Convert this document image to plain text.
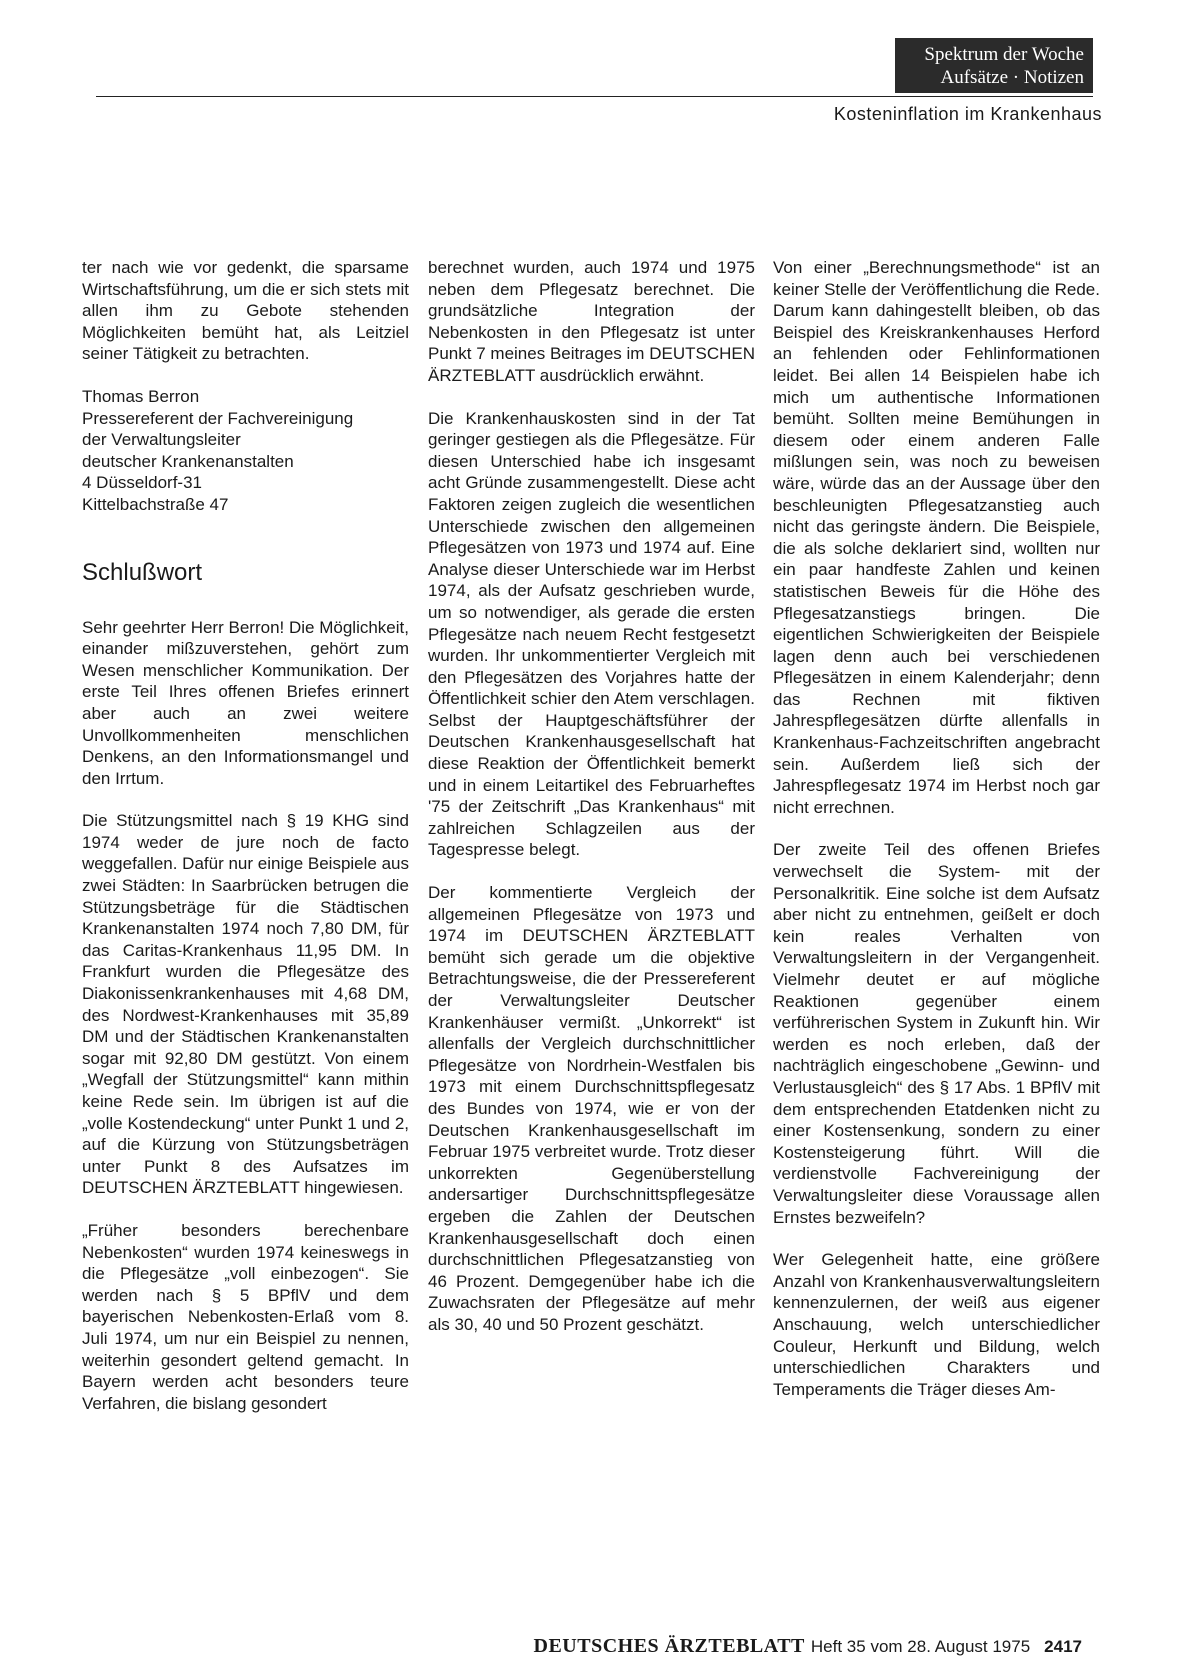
Spektrum der Woche
Aufsätze · Notizen
Kosteninflation im Krankenhaus

ter nach wie vor gedenkt, die sparsame Wirtschaftsführung, um die er sich stets mit allen ihm zu Gebote stehenden Möglichkeiten bemüht hat, als Leitziel seiner Tätigkeit zu betrachten.

Thomas Berron
Pressereferent der Fachvereinigung
der Verwaltungsleiter
deutscher Krankenanstalten
4 Düsseldorf-31
Kittelbachstraße 47
Schlußwort

Sehr geehrter Herr Berron! Die Möglichkeit, einander mißzuverstehen, gehört zum Wesen menschlicher Kommunikation. Der erste Teil Ihres offenen Briefes erinnert aber auch an zwei weitere Unvollkommenheiten menschlichen Denkens, an den Informationsmangel und den Irrtum.

Die Stützungsmittel nach § 19 KHG sind 1974 weder de jure noch de facto weggefallen. Dafür nur einige Beispiele aus zwei Städten: In Saarbrücken betrugen die Stützungsbeträge für die Städtischen Krankenanstalten 1974 noch 7,80 DM, für das Caritas-Krankenhaus 11,95 DM. In Frankfurt wurden die Pflegesätze des Diakonissenkrankenhauses mit 4,68 DM, des Nordwest-Krankenhauses mit 35,89 DM und der Städtischen Krankenanstalten sogar mit 92,80 DM gestützt. Von einem „Wegfall der Stützungsmittel“ kann mithin keine Rede sein. Im übrigen ist auf die „volle Kostendeckung“ unter Punkt 1 und 2, auf die Kürzung von Stützungsbeträgen unter Punkt 8 des Aufsatzes im DEUTSCHEN ÄRZTEBLATT hingewiesen.

„Früher besonders berechenbare Nebenkosten“ wurden 1974 keineswegs in die Pflegesätze „voll einbezogen“. Sie werden nach § 5 BPflV und dem bayerischen Nebenkosten-Erlaß vom 8. Juli 1974, um nur ein Beispiel zu nennen, weiterhin gesondert geltend gemacht. In Bayern werden acht besonders teure Verfahren, die bislang gesondert

berechnet wurden, auch 1974 und 1975 neben dem Pflegesatz berechnet. Die grundsätzliche Integration der Nebenkosten in den Pflegesatz ist unter Punkt 7 meines Beitrages im DEUTSCHEN ÄRZTEBLATT ausdrücklich erwähnt.

Die Krankenhauskosten sind in der Tat geringer gestiegen als die Pflegesätze. Für diesen Unterschied habe ich insgesamt acht Gründe zusammengestellt. Diese acht Faktoren zeigen zugleich die wesentlichen Unterschiede zwischen den allgemeinen Pflegesätzen von 1973 und 1974 auf. Eine Analyse dieser Unterschiede war im Herbst 1974, als der Aufsatz geschrieben wurde, um so notwendiger, als gerade die ersten Pflegesätze nach neuem Recht festgesetzt wurden. Ihr unkommentierter Vergleich mit den Pflegesätzen des Vorjahres hatte der Öffentlichkeit schier den Atem verschlagen. Selbst der Hauptgeschäftsführer der Deutschen Krankenhausgesellschaft hat diese Reaktion der Öffentlichkeit bemerkt und in einem Leitartikel des Februarheftes '75 der Zeitschrift „Das Krankenhaus“ mit zahlreichen Schlagzeilen aus der Tagespresse belegt.

Der kommentierte Vergleich der allgemeinen Pflegesätze von 1973 und 1974 im DEUTSCHEN ÄRZTEBLATT bemüht sich gerade um die objektive Betrachtungsweise, die der Pressereferent der Verwaltungsleiter Deutscher Krankenhäuser vermißt. „Unkorrekt“ ist allenfalls der Vergleich durchschnittlicher Pflegesätze von Nordrhein-Westfalen bis 1973 mit einem Durchschnittspflegesatz des Bundes von 1974, wie er von der Deutschen Krankenhausgesellschaft im Februar 1975 verbreitet wurde. Trotz dieser unkorrekten Gegenüberstellung andersartiger Durchschnittspflegesätze ergeben die Zahlen der Deutschen Krankenhausgesellschaft doch einen durchschnittlichen Pflegesatzanstieg von 46 Prozent. Demgegenüber habe ich die Zuwachsraten der Pflegesätze auf mehr als 30, 40 und 50 Prozent geschätzt.

Von einer „Berechnungsmethode“ ist an keiner Stelle der Veröffentlichung die Rede. Darum kann dahingestellt bleiben, ob das Beispiel des Kreiskrankenhauses Herford an fehlenden oder Fehlinformationen leidet. Bei allen 14 Beispielen habe ich mich um authentische Informationen bemüht. Sollten meine Bemühungen in diesem oder einem anderen Falle mißlungen sein, was noch zu beweisen wäre, würde das an der Aussage über den beschleunigten Pflegesatzanstieg auch nicht das geringste ändern. Die Beispiele, die als solche deklariert sind, wollten nur ein paar handfeste Zahlen und keinen statistischen Beweis für die Höhe des Pflegesatzanstiegs bringen. Die eigentlichen Schwierigkeiten der Beispiele lagen denn auch bei verschiedenen Pflegesätzen in einem Kalenderjahr; denn das Rechnen mit fiktiven Jahrespflegesätzen dürfte allenfalls in Krankenhaus-Fachzeitschriften angebracht sein. Außerdem ließ sich der Jahrespflegesatz 1974 im Herbst noch gar nicht errechnen.

Der zweite Teil des offenen Briefes verwechselt die System- mit der Personalkritik. Eine solche ist dem Aufsatz aber nicht zu entnehmen, geißelt er doch kein reales Verhalten von Verwaltungsleitern in der Vergangenheit. Vielmehr deutet er auf mögliche Reaktionen gegenüber einem verführerischen System in Zukunft hin. Wir werden es noch erleben, daß der nachträglich eingeschobene „Gewinn- und Verlustausgleich“ des § 17 Abs. 1 BPflV mit dem entsprechenden Etatdenken nicht zu einer Kostensenkung, sondern zu einer Kostensteigerung führt. Will die verdienstvolle Fachvereinigung der Verwaltungsleiter diese Voraussage allen Ernstes bezweifeln?

Wer Gelegenheit hatte, eine größere Anzahl von Krankenhausverwaltungsleitern kennenzulernen, der weiß aus eigener Anschauung, welch unterschiedlicher Couleur, Herkunft und Bildung, welch unterschiedlichen Charakters und Temperaments die Träger dieses Am-

DEUTSCHES ÄRZTEBLATT Heft 35 vom 28. August 1975 2417
